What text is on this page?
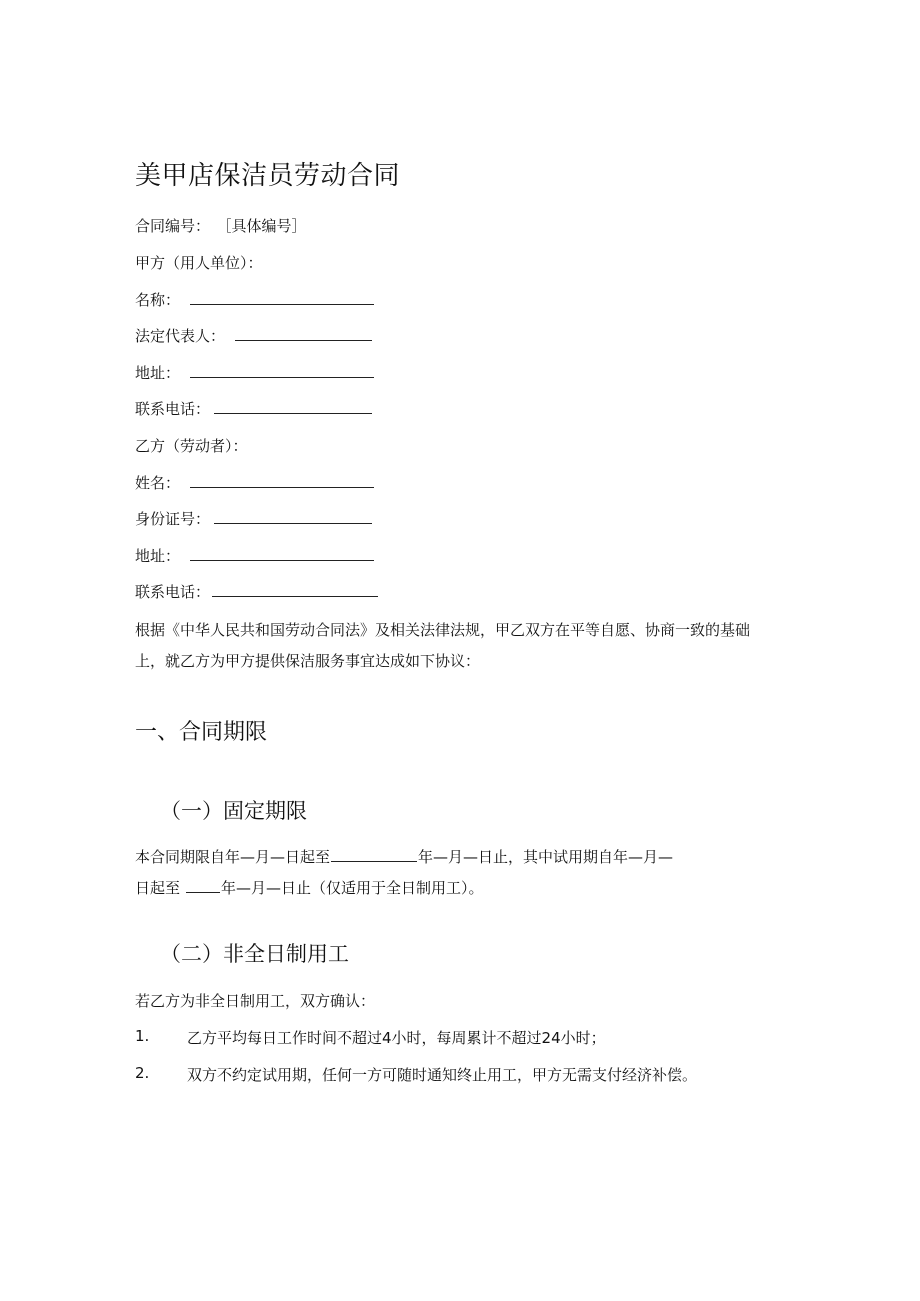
美甲店保洁员劳动合同
合同编号： ［具体编号］
甲方（用人单位）：
名称：
法定代表人：
地址：
联系电话：
乙方（劳动者）：
姓名：
身份证号：
地址：
联系电话：
根据《中华人民共和国劳动合同法》及相关法律法规，甲乙双方在平等自愿、协商一致的基础
上，就乙方为甲方提供保洁服务事宜达成如下协议：
一、合同期限
（一）固定期限
本合同期限自年—月—日起至	年—月—日止，其中试用期自年—月—
日起至	年—月—日止（仅适用于全日制用工）。
（二）非全日制用工
若乙方为非全日制用工，双方确认：
1.	乙方平均每日工作时间不超过4小时，每周累计不超过24小时；
2.	双方不约定试用期，任何一方可随时通知终止用工，甲方无需支付经济补偿。
